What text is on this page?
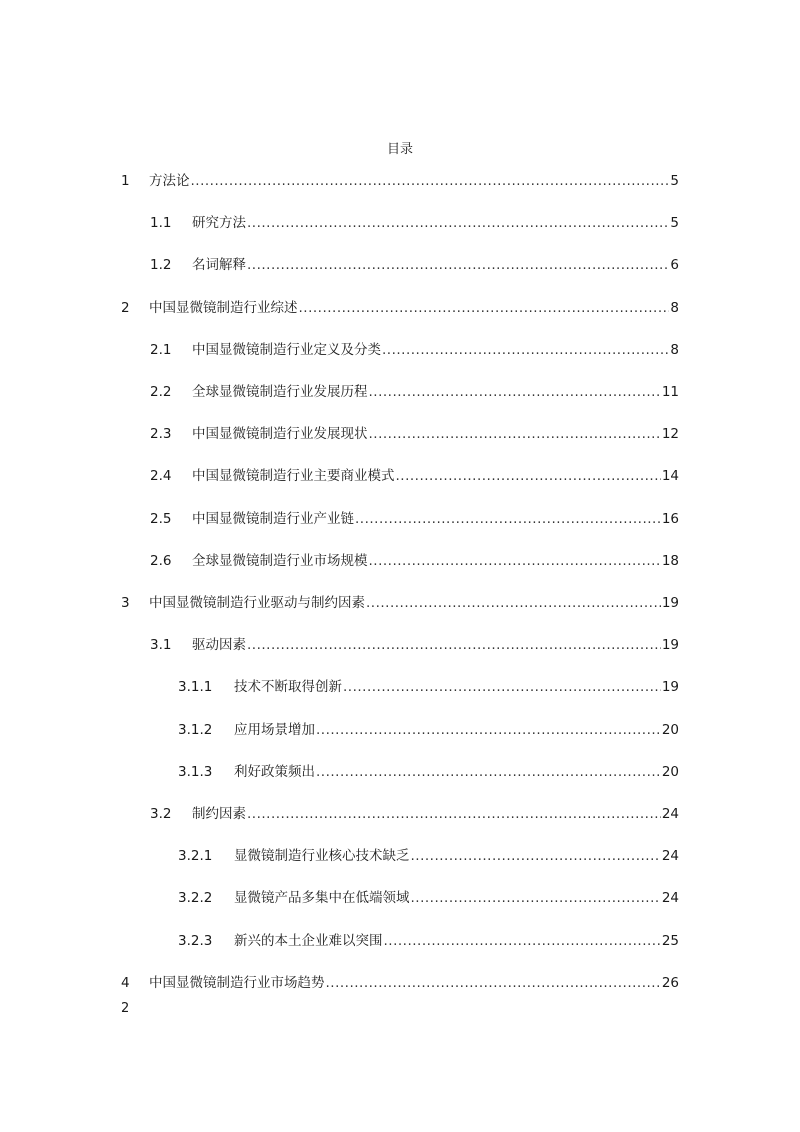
目录
1	方法论 .....	5
1.1	研究方法 .....	5
1.2	名词解释 .....	6
2	中国显微镜制造行业综述 .....	8
2.1	中国显微镜制造行业定义及分类 .....	8
2.2	全球显微镜制造行业发展历程 .....	11
2.3	中国显微镜制造行业发展现状 .....	12
2.4	中国显微镜制造行业主要商业模式 .....	14
2.5	中国显微镜制造行业产业链 .....	16
2.6	全球显微镜制造行业市场规模 .....	18
3	中国显微镜制造行业驱动与制约因素 .....	19
3.1	驱动因素 .....	19
3.1.1	技术不断取得创新 .....	19
3.1.2	应用场景增加 .....	20
3.1.3	利好政策频出 .....	20
3.2	制约因素 .....	24
3.2.1	显微镜制造行业核心技术缺乏 .....	24
3.2.2	显微镜产品多集中在低端领域 .....	24
3.2.3	新兴的本土企业难以突围 .....	25
4	中国显微镜制造行业市场趋势 .....	26
2
